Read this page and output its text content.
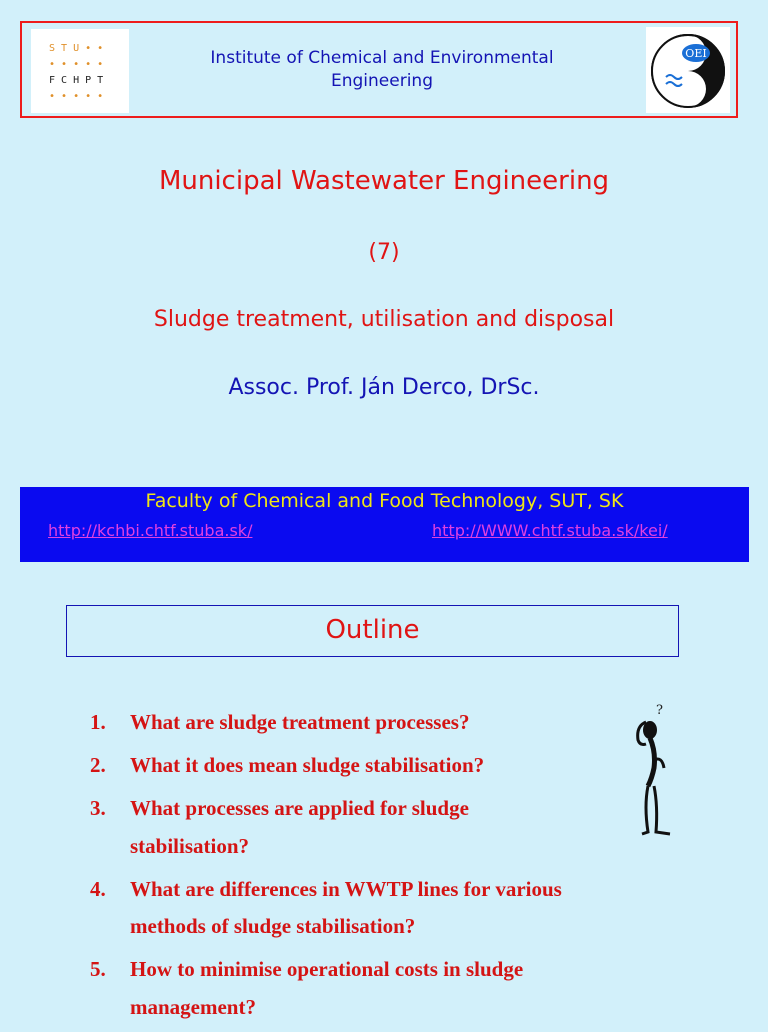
S T U • •
• • • • •
F C H P T
• • • • •
Institute of Chemical and Environmental
Engineering
OEI
Municipal Wastewater Engineering
(7)
Sludge treatment, utilisation and disposal
Assoc. Prof. Ján Derco, DrSc.
Faculty of Chemical and Food Technology, SUT, SK
http://kchbi.chtf.stuba.sk/	http://WWW.chtf.stuba.sk/kei/
Outline
1. What are sludge treatment processes?
2. What it does mean sludge stabilisation?
3. What processes are applied for sludge
stabilisation?
4. What are differences in WWTP lines for various
methods of sludge stabilisation?
5. How to minimise operational costs in sludge
management?
?
